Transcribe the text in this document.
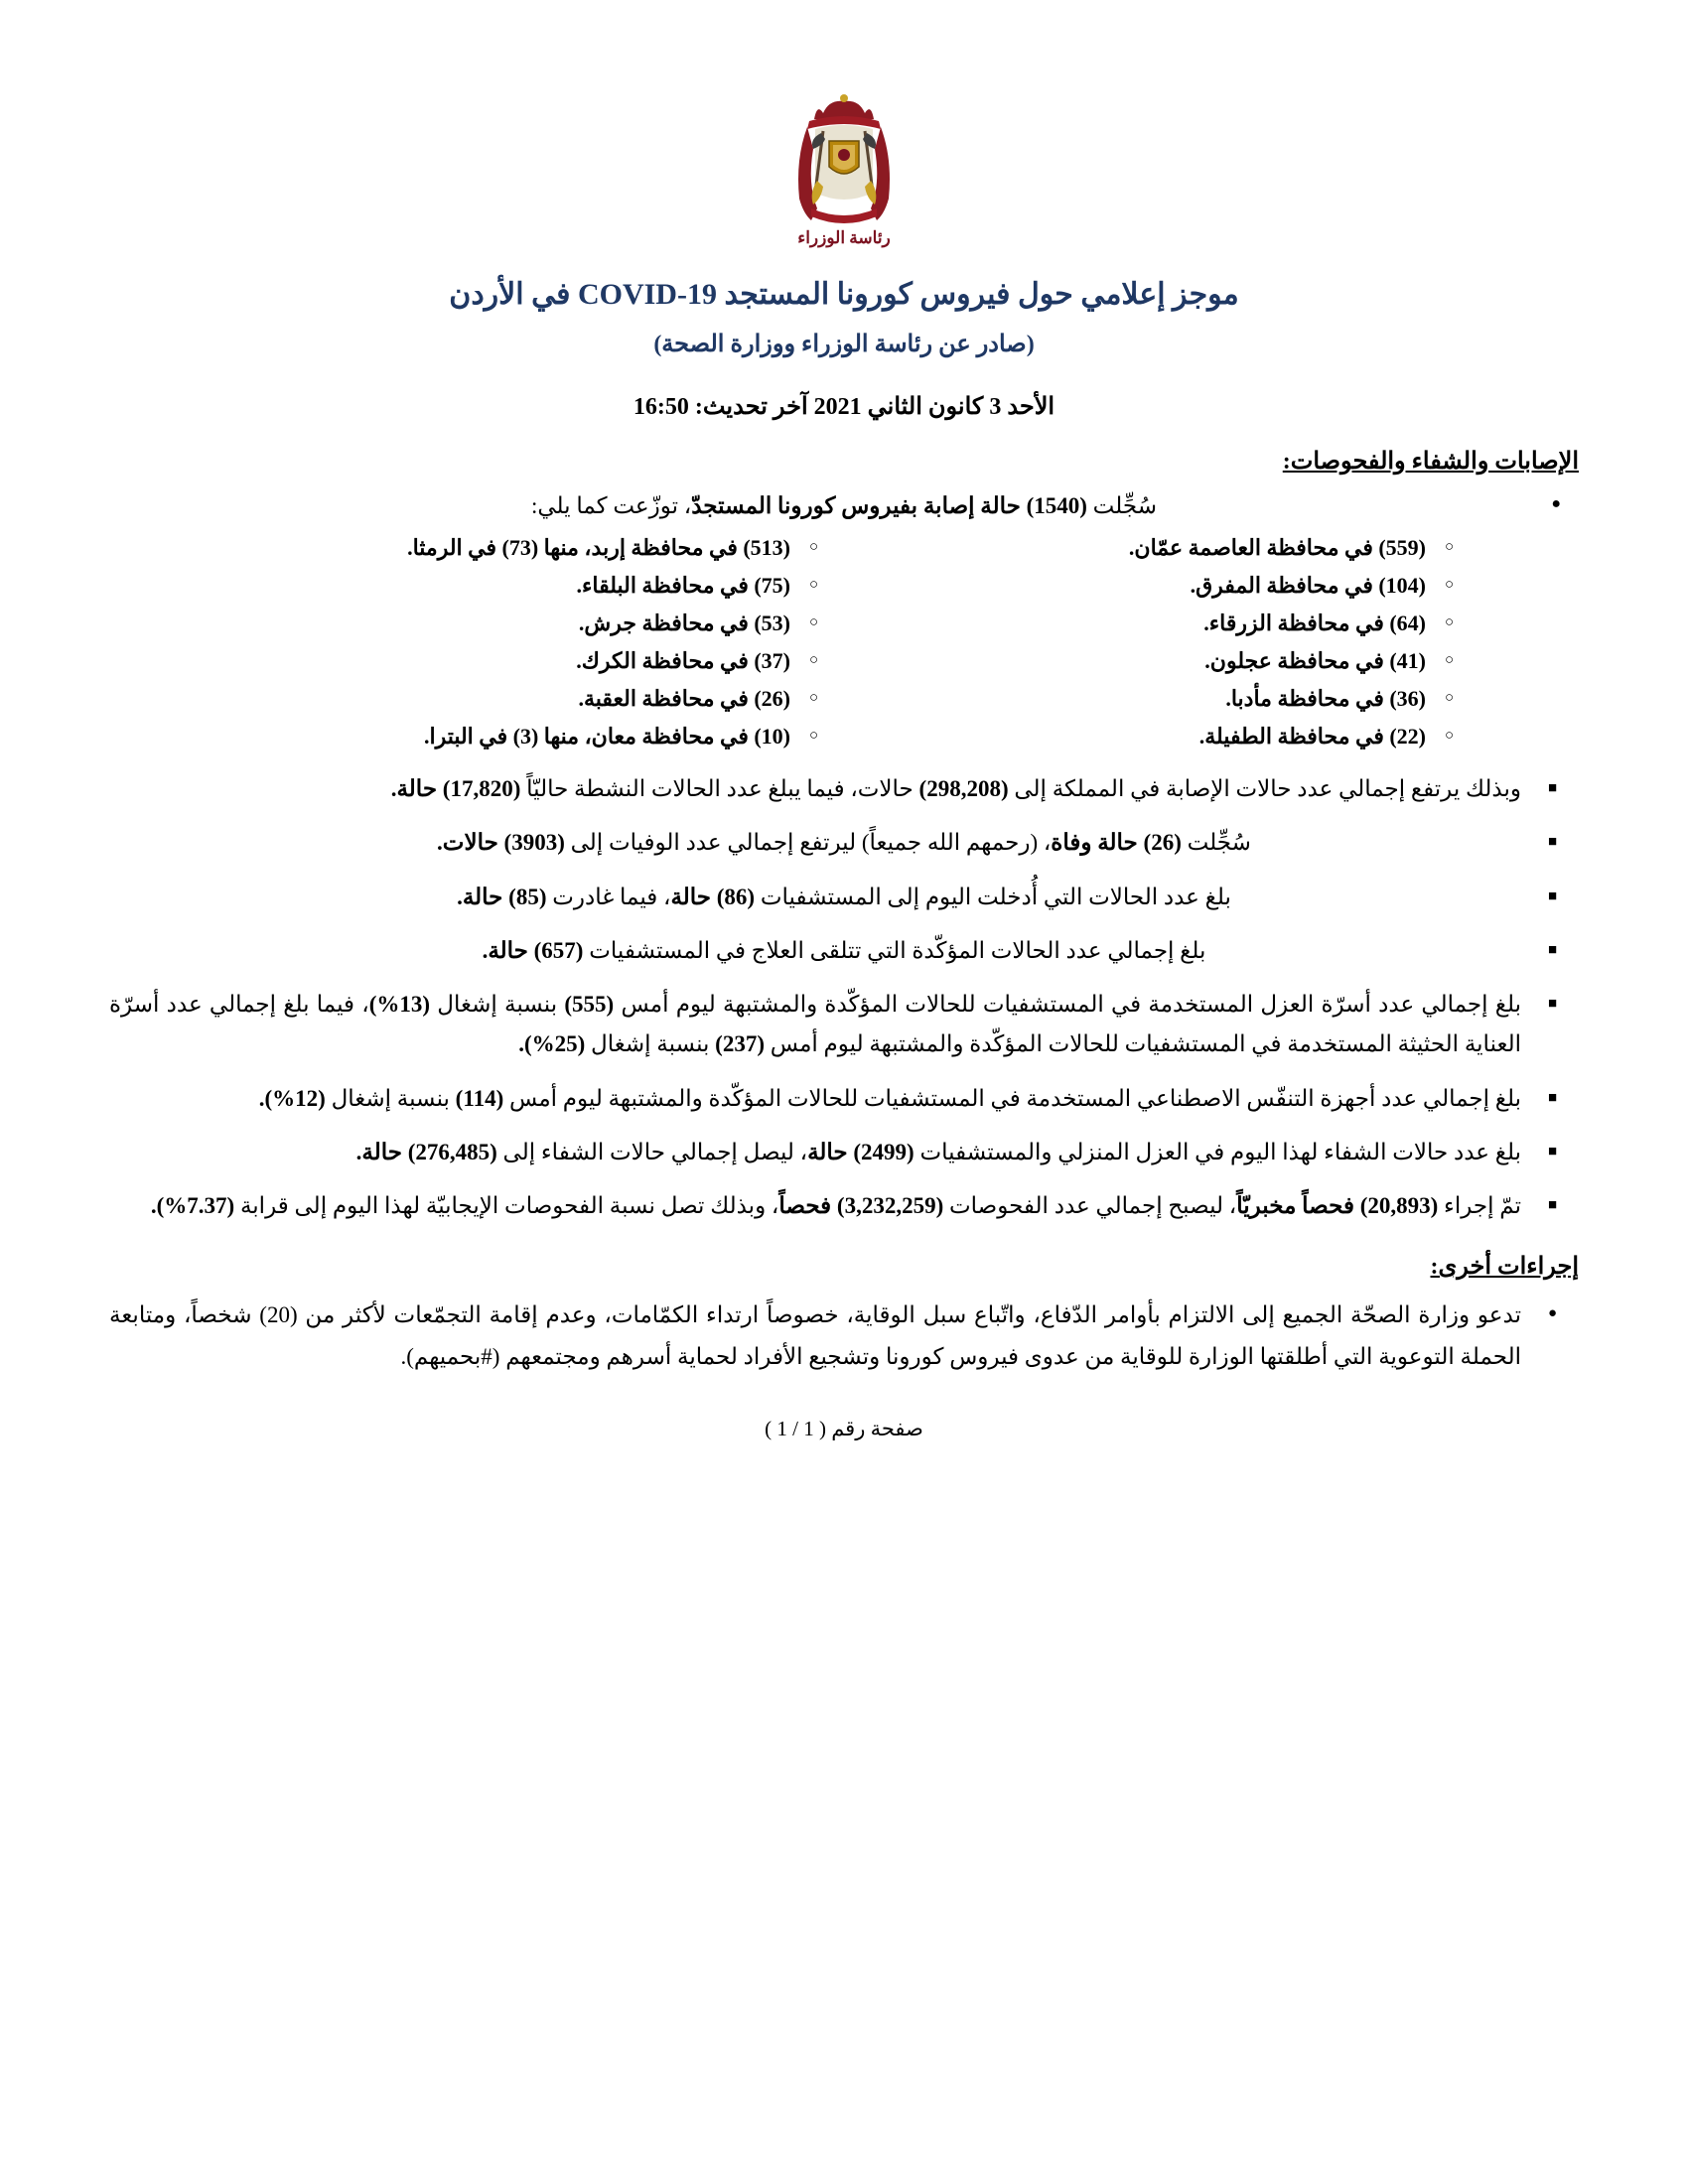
رئاسة الوزراء
موجز إعلامي حول فيروس كورونا المستجد COVID-19 في الأردن
(صادر عن رئاسة الوزراء ووزارة الصحة)
الأحد 3 كانون الثاني 2021 آخر تحديث: 16:50
الإصابات والشفاء والفحوصات:
● سُجِّلت (1540) حالة إصابة بفيروس كورونا المستجدّ، توزّعت كما يلي:
○ (559) في محافظة العاصمة عمّان.	○ (513) في محافظة إربد، منها (73) في الرمثا.
○ (104) في محافظة المفرق.	○ (75) في محافظة البلقاء.
○ (64) في محافظة الزرقاء.	○ (53) في محافظة جرش.
○ (41) في محافظة عجلون.	○ (37) في محافظة الكرك.
○ (36) في محافظة مأدبا.	○ (26) في محافظة العقبة.
○ (22) في محافظة الطفيلة.	○ (10) في محافظة معان، منها (3) في البترا.
■ وبذلك يرتفع إجمالي عدد حالات الإصابة في المملكة إلى (298,208) حالات، فيما يبلغ عدد الحالات النشطة حاليّاً (17,820) حالة.
■ سُجِّلت (26) حالة وفاة، (رحمهم الله جميعاً) ليرتفع إجمالي عدد الوفيات إلى (3903) حالات.
■ بلغ عدد الحالات التي أُدخلت اليوم إلى المستشفيات (86) حالة، فيما غادرت (85) حالة.
■ بلغ إجمالي عدد الحالات المؤكّدة التي تتلقى العلاج في المستشفيات (657) حالة.
■ بلغ إجمالي عدد أسرّة العزل المستخدمة في المستشفيات للحالات المؤكّدة والمشتبهة ليوم أمس (555) بنسبة إشغال (13%)، فيما بلغ إجمالي عدد أسرّة العناية الحثيثة المستخدمة في المستشفيات للحالات المؤكّدة والمشتبهة ليوم أمس (237) بنسبة إشغال (25%).
■ بلغ إجمالي عدد أجهزة التنفّس الاصطناعي المستخدمة في المستشفيات للحالات المؤكّدة والمشتبهة ليوم أمس (114) بنسبة إشغال (12%).
■ بلغ عدد حالات الشفاء لهذا اليوم في العزل المنزلي والمستشفيات (2499) حالة، ليصل إجمالي حالات الشفاء إلى (276,485) حالة.
■ تمّ إجراء (20,893) فحصاً مخبريّاً، ليصبح إجمالي عدد الفحوصات (3,232,259) فحصاً، وبذلك تصل نسبة الفحوصات الإيجابيّة لهذا اليوم إلى قرابة (7.37%).
إجراءات أخرى:
● تدعو وزارة الصحّة الجميع إلى الالتزام بأوامر الدّفاع، واتّباع سبل الوقاية، خصوصاً ارتداء الكمّامات، وعدم إقامة التجمّعات لأكثر من (20) شخصاً، ومتابعة الحملة التوعوية التي أطلقتها الوزارة للوقاية من عدوى فيروس كورونا وتشجيع الأفراد لحماية أسرهم ومجتمعهم (#بحميهم).
صفحة رقم ( 1 / 1 )
